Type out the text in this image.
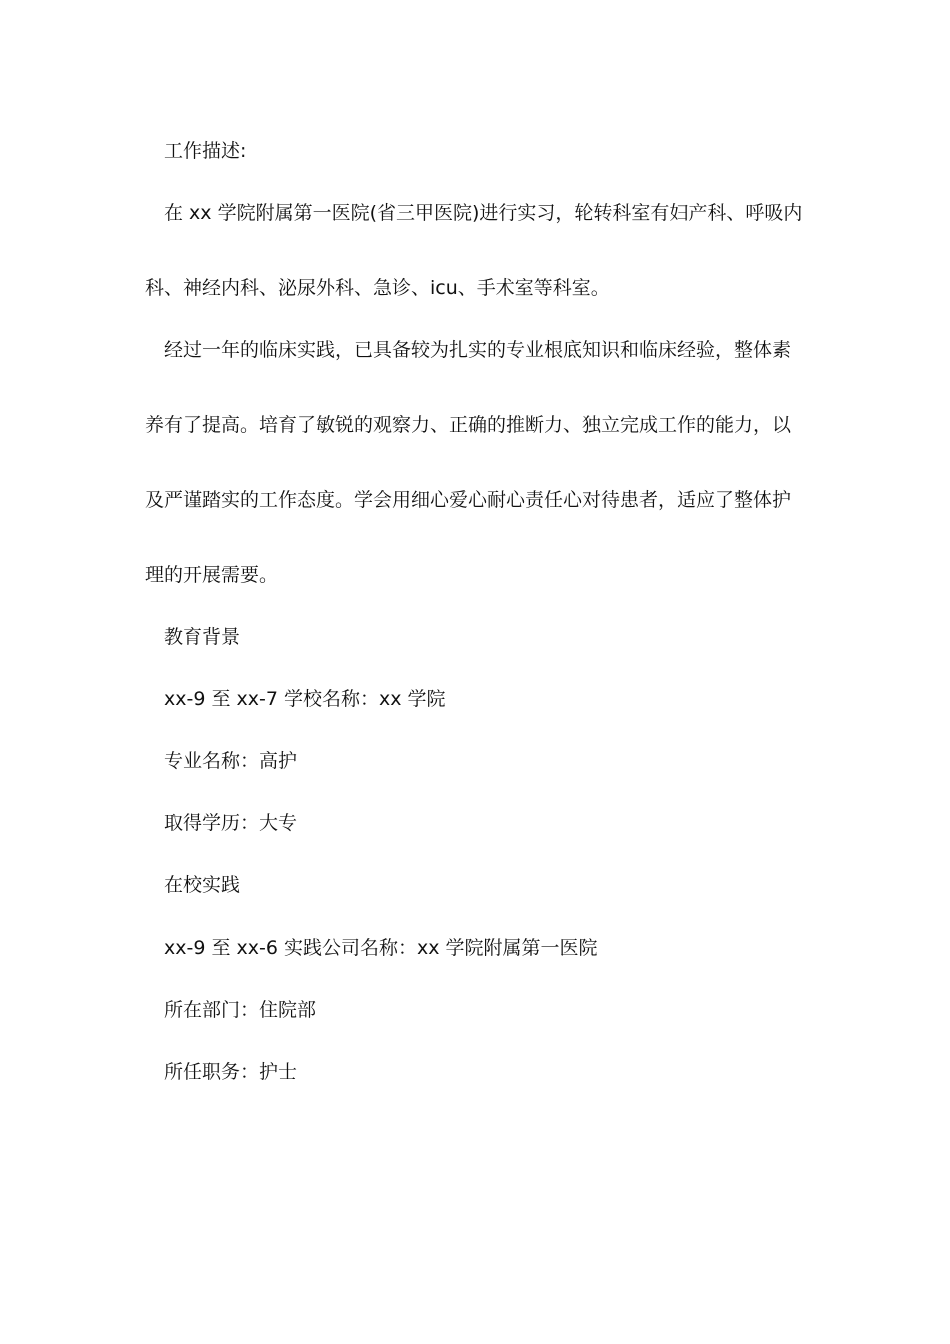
工作描述:
在 xx 学院附属第一医院(省三甲医院)进行实习，轮转科室有妇产科、呼吸内
科、神经内科、泌尿外科、急诊、icu、手术室等科室。
经过一年的临床实践，已具备较为扎实的专业根底知识和临床经验，整体素
养有了提高。培育了敏锐的观察力、正确的推断力、独立完成工作的能力，以
及严谨踏实的工作态度。学会用细心爱心耐心责任心对待患者，适应了整体护
理的开展需要。
教育背景
xx-9 至 xx-7 学校名称：xx 学院
专业名称：高护
取得学历：大专
在校实践
xx-9 至 xx-6 实践公司名称：xx 学院附属第一医院
所在部门：住院部
所任职务：护士
